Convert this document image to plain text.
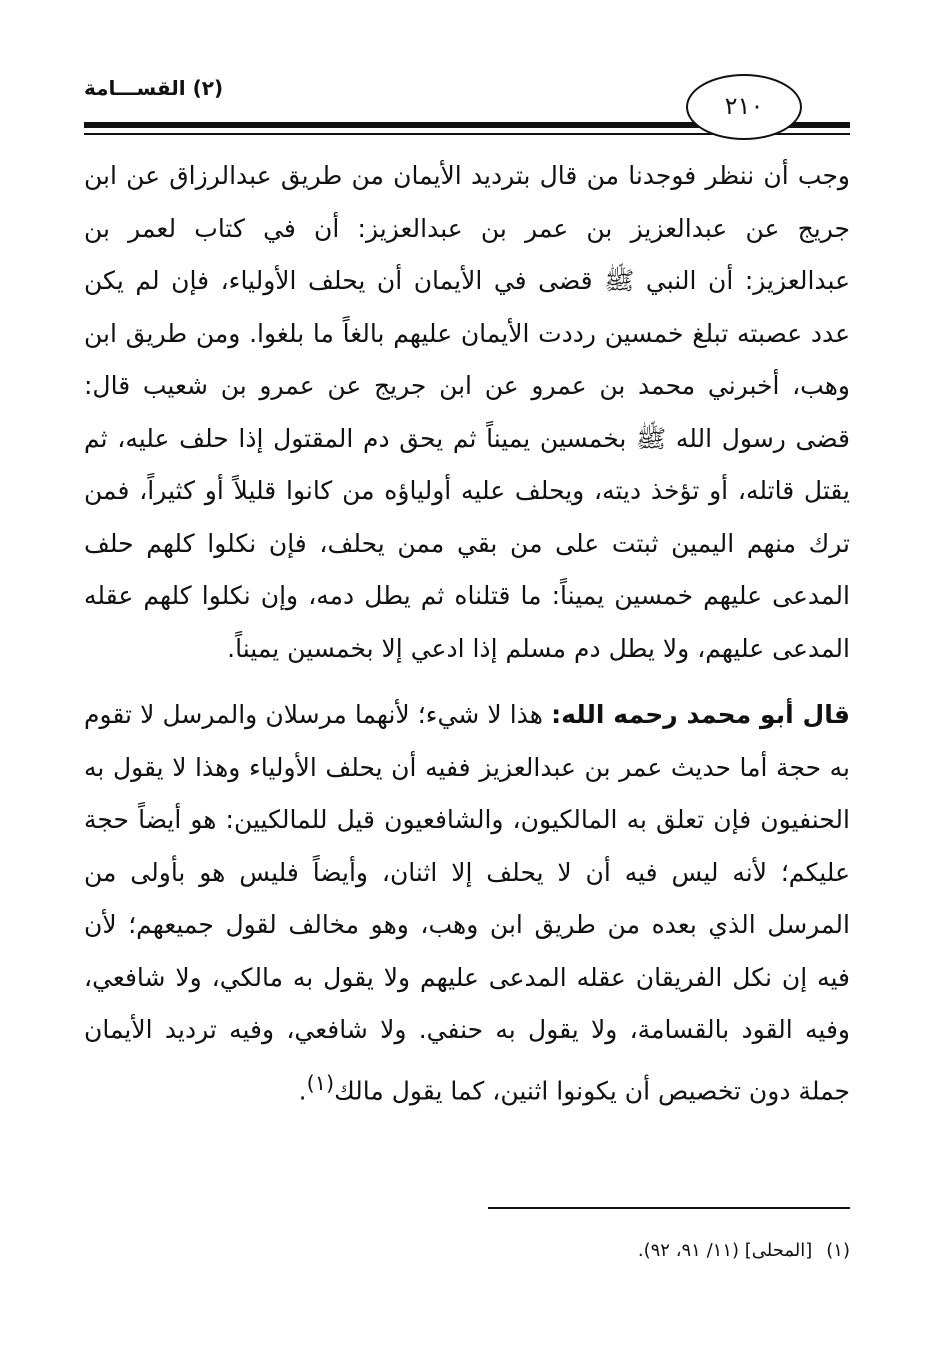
(٢) القســـامة
٢١٠

وجب أن ننظر فوجدنا من قال بترديد الأيمان من طريق عبدالرزاق عن ابن جريج عن عبدالعزيز بن عمر بن عبدالعزيز: أن في كتاب لعمر بن عبدالعزيز: أن النبي ﷺ قضى في الأيمان أن يحلف الأولياء، فإن لم يكن عدد عصبته تبلغ خمسين رددت الأيمان عليهم بالغاً ما بلغوا. ومن طريق ابن وهب، أخبرني محمد بن عمرو عن ابن جريج عن عمرو بن شعيب قال: قضى رسول الله ﷺ بخمسين يميناً ثم يحق دم المقتول إذا حلف عليه، ثم يقتل قاتله، أو تؤخذ ديته، ويحلف عليه أولياؤه من كانوا قليلاً أو كثيراً، فمن ترك منهم اليمين ثبتت على من بقي ممن يحلف، فإن نكلوا كلهم حلف المدعى عليهم خمسين يميناً: ما قتلناه ثم يطل دمه، وإن نكلوا كلهم عقله المدعى عليهم، ولا يطل دم مسلم إذا ادعي إلا بخمسين يميناً.

قال أبو محمد رحمه الله: هذا لا شيء؛ لأنهما مرسلان والمرسل لا تقوم به حجة أما حديث عمر بن عبدالعزيز ففيه أن يحلف الأولياء وهذا لا يقول به الحنفيون فإن تعلق به المالكيون، والشافعيون قيل للمالكيين: هو أيضاً حجة عليكم؛ لأنه ليس فيه أن لا يحلف إلا اثنان، وأيضاً فليس هو بأولى من المرسل الذي بعده من طريق ابن وهب، وهو مخالف لقول جميعهم؛ لأن فيه إن نكل الفريقان عقله المدعى عليهم ولا يقول به مالكي، ولا شافعي، وفيه القود بالقسامة، ولا يقول به حنفي. ولا شافعي، وفيه ترديد الأيمان جملة دون تخصيص أن يكونوا اثنين، كما يقول مالك$^{(١)}$.

(١)[المحلى] (١١/ ٩١، ٩٢).
